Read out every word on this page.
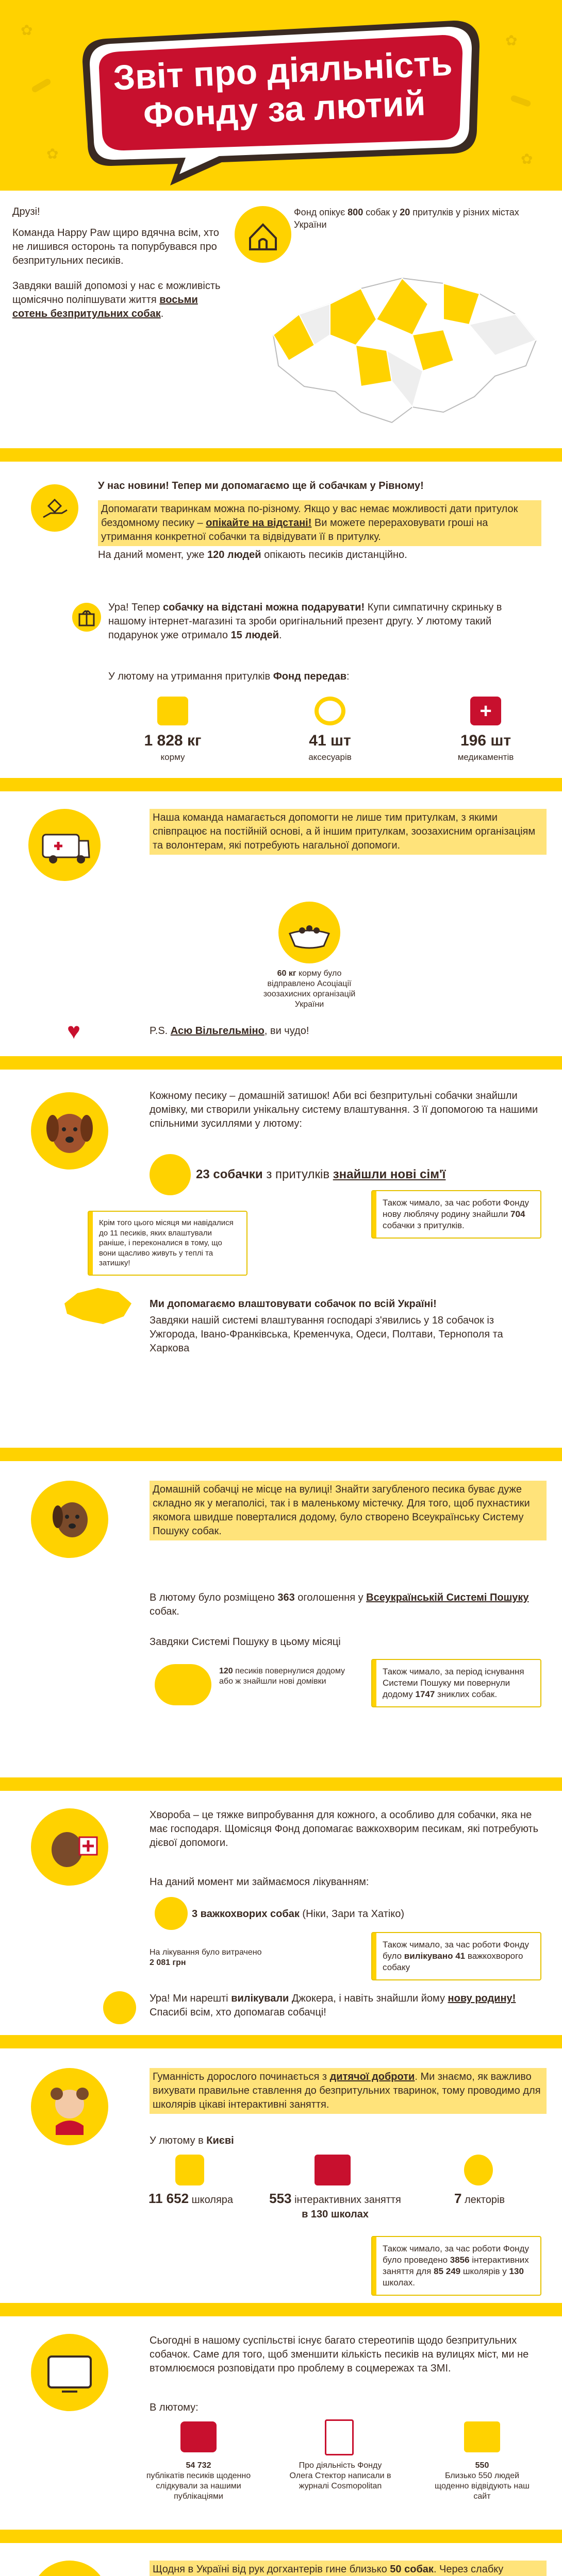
✿
✿
✿	✿
Звіт про діяльність
Фонду за лютий

Друзі!

Команда Happy Paw щиро вдячна всім, хто не лишився осторонь та попурбувався про безпритульних песиків.

Завдяки вашій допомозі у нас є можливість щомісячно поліпшувати життя восьми сотень безпритульних собак.

Фонд опікує 800 собак у 20 притулків у різних містах України

У нас новини! Тепер ми допомагаємо ще й собачкам у Рівному!

Допомагати тваринкам можна по-різному. Якщо у вас немає можливості дати притулок бездомному песику – опікайте на відстані! Ви можете перераховувати гроші на утримання конкретної собачки та відвідувати її в притулку.

На даний момент, уже 120 людей опікають песиків дистанційно.

Ура! Тепер собачку на відстані можна подарувати! Купи симпатичну скриньку в нашому інтернет-магазині та зроби оригінальний презент другу. У лютому такий подарунок уже отримало 15 людей.

У лютому на утримання притулків Фонд передав:

+
1 828 кг
корму
41 шт
аксесуарів
196 шт
медикаментів

Наша команда намагається допомогти не лише тим притулкам, з якими співпрацює на постійній основі, а й іншим притулкам, зоозахисним організаціям та волонтерам, які потребують нагальної допомоги.

60 кг корму було відправлено Асоціації зоозахисних організацій України

♥	P.S. Асю Вільгельміно, ви чудо!

Кожному песику – домашній затишок! Аби всі безпритульні собачки знайшли домівку, ми створили унікальну систему влаштування. З її допомогою та нашими спільними зусиллями у лютому:

23 собачки з притулків знайшли нові сім'ї

Крім того цього місяця ми навідалися до 11 песиків, яких влаштували раніше, і переконалися в тому, що вони щасливо живуть у теплі та затишку!
Також чимало, за час роботи Фонду нову люблячу родину знайшли 704 собачки з притулків.

Ми допомагаємо влаштовувати собачок по всій Україні!

Завдяки нашій системі влаштування господарі з'явились у 18 собачок із Ужгорода, Івано-Франківська, Кременчука, Одеси, Полтави, Тернополя та Харкова

Домашній собачці не місце на вулиці! Знайти загубленого песика буває дуже складно як у мегаполісі, так і в маленькому містечку. Для того, щоб пухнастики якомога швидше поверталися додому, було створено Всеукраїнську Систему Пошуку собак.

В лютому було розміщено 363 оголошення у Всеукраїнській Системі Пошуку собак.

Завдяки Системі Пошуку в цьому місяці

120 песиків повернулися додому або ж знайшли нові домівки

Також чимало, за період існування Системи Пошуку ми повернули додому 1747 зниклих собак.

Хвороба – це тяжке випробування для кожного, а особливо для собачки, яка не має господаря. Щомісяця Фонд допомагає важкохворим песикам, які потребують дієвої допомоги.

На даний момент ми займаємося лікуванням:

3 важкохворих собак (Ніки, Зари та Хатіко)

На лікування було витрачено
2 081 грн
Також чимало, за час роботи Фонду було вилікувано 41 важкохворого собаку

Ура! Ми нарешті вилікували Джокера, і навіть знайшли йому нову родину! Спасибі всім, хто допомагав собачці!

Гуманність дорослого починається з дитячої доброти. Ми знаємо, як важливо вихувати правильне ставлення до безпритульних тваринок, тому проводимо для школярів цікаві інтерактивні заняття.

У лютому в Києві

11 652 школяра	553 інтерактивних заняття
в 130 школах
7 лекторів
Також чимало, за час роботи Фонду було проведено 3856 інтерактивних заняття для 85 249 школярів у 130 школах.

Сьогодні в нашому суспільстві існує багато стереотипів щодо безпритульних собачок. Саме для того, щоб зменшити кількість песиків на вулицях міст, ми не втомлюємося розповідати про проблему в соцмережах та ЗМІ.

В лютому:

54 732
публікатів песиків щоденно слідкували за нашими публікаціями
Про діяльність Фонду Олега Стектор написали в журналі Cosmopolitan
550
Близько 550 людей щоденно відвідують наш сайт

Щодня в Україні від рук догхантерів гине близько 50 собак. Через слабку
